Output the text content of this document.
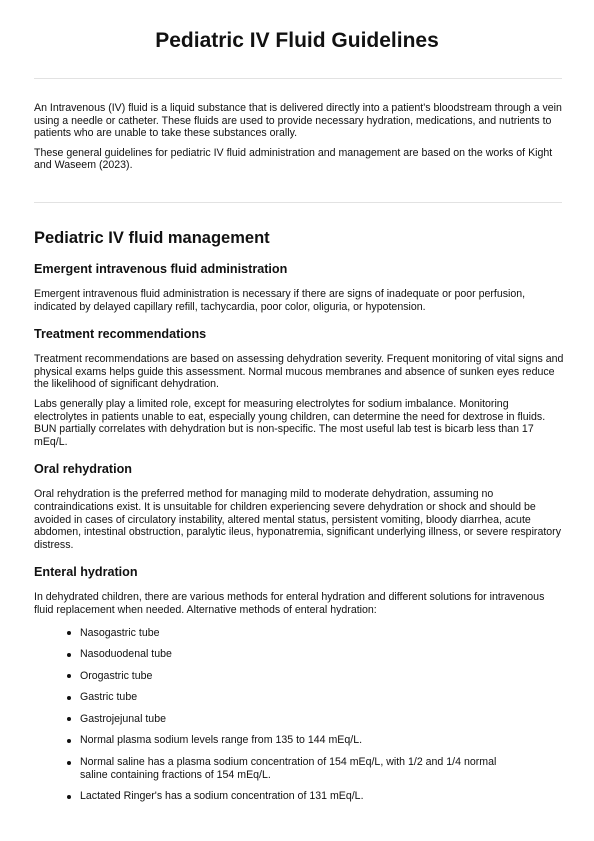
Pediatric IV Fluid Guidelines

An Intravenous (IV) fluid is a liquid substance that is delivered directly into a patient's bloodstream through a vein using a needle or catheter. These fluids are used to provide necessary hydration, medications, and nutrients to patients who are unable to take these substances orally.

These general guidelines for pediatric IV fluid administration and management are based on the works of Kight and Waseem (2023).

Pediatric IV fluid management
Emergent intravenous fluid administration

Emergent intravenous fluid administration is necessary if there are signs of inadequate or poor perfusion, indicated by delayed capillary refill, tachycardia, poor color, oliguria, or hypotension.

Treatment recommendations

Treatment recommendations are based on assessing dehydration severity. Frequent monitoring of vital signs and physical exams helps guide this assessment. Normal mucous membranes and absence of sunken eyes reduce the likelihood of significant dehydration.

Labs generally play a limited role, except for measuring electrolytes for sodium imbalance. Monitoring electrolytes in patients unable to eat, especially young children, can determine the need for dextrose in fluids. BUN partially correlates with dehydration but is non-specific. The most useful lab test is bicarb less than 17 mEq/L.

Oral rehydration

Oral rehydration is the preferred method for managing mild to moderate dehydration, assuming no contraindications exist. It is unsuitable for children experiencing severe dehydration or shock and should be avoided in cases of circulatory instability, altered mental status, persistent vomiting, bloody diarrhea, acute abdomen, intestinal obstruction, paralytic ileus, hyponatremia, significant underlying illness, or severe respiratory distress.

Enteral hydration

In dehydrated children, there are various methods for enteral hydration and different solutions for intravenous fluid replacement when needed. Alternative methods of enteral hydration:

Nasogastric tube
Nasoduodenal tube
Orogastric tube
Gastric tube
Gastrojejunal tube
Normal plasma sodium levels range from 135 to 144 mEq/L.
Normal saline has a plasma sodium concentration of 154 mEq/L, with 1/2 and 1/4 normal saline containing fractions of 154 mEq/L.
Lactated Ringer's has a sodium concentration of 131 mEq/L.
